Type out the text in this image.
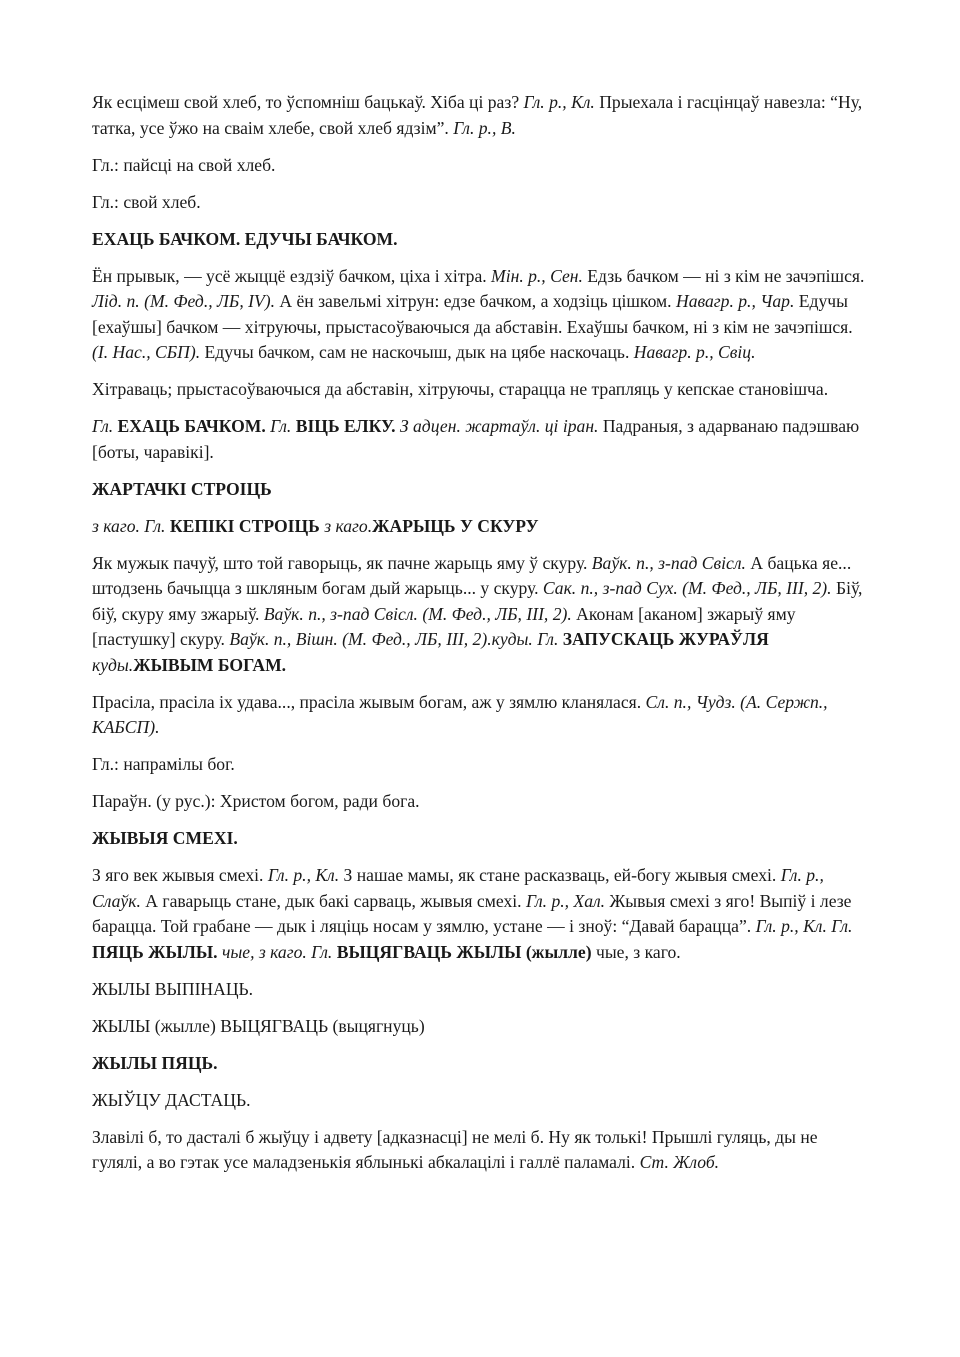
Як есцімеш свой хлеб, то ўспомніш бацькаў. Хіба ці раз? Гл. р., Кл. Прыехала і гасцінцаў навезла: “Ну, татка, усе ўжо на сваім хлебе, свой хлеб ядзім”. Гл. р., В.

Гл.: пайсці на свой хлеб.

Гл.: свой хлеб.

ЕХАЦЬ БАЧКОМ. ЕДУЧЫ БАЧКОМ.

Ён прывык, — усё жыццё ездзіў бачком, ціха і хітра. Мін. р., Сен. Едзь бачком — ні з кім не зачэпішся. Лід. п. (М. Фед., ЛБ, IV). А ён завельмі хітрун: едзе бачком, а ходзіць цішком. Навагр. р., Чар. Едучы [ехаўшы] бачком — хітруючы, прыстасоўваючыся да абставін. Ехаўшы бачком, ні з кім не зачэпішся. (І. Нас., СБП). Едучы бачком, сам не наскочыш, дык на цябе наскочаць. Навагр. р., Свіц.

Хітраваць; прыстасоўваючыся да абставін, хітруючы, старацца не трапляць у кепскае становішча.

Гл. ЕХАЦЬ БАЧКОМ. Гл. ВІЦЬ ЕЛКУ. З адцен. жартаўл. ці іран. Падраныя, з адарванаю падэшваю [боты, чаравікі].

ЖАРТАЧКІ СТРОІЦЬ

з каго. Гл. КЕПІКІ СТРОІЦЬ з каго.ЖАРЫЦЬ У СКУРУ

Як мужык пачуў, што той гаворыць, як пачне жарыць яму ў скуру. Ваўк. п., з-пад Свісл. А бацька яе... штодзень бачыцца з шкляным богам дый жарыць... у скуру. Сак. п., з-пад Сух. (М. Фед., ЛБ, ІІІ, 2). Біў, біў, скуру яму зжарыў. Ваўк. п., з-пад Свісл. (М. Фед., ЛБ, ІІІ, 2). Аконам [аканом] зжарыў яму [пастушку] скуру. Ваўк. п., Вішн. (М. Фед., ЛБ, ІІІ, 2).куды. Гл. ЗАПУСКАЦЬ ЖУРАЎЛЯ куды.ЖЫВЫМ БОГАМ.

Прасіла, прасіла іх удава..., прасіла жывым богам, аж у зямлю кланялася. Сл. п., Чудз. (А. Сержп., КАБСП).

Гл.: напрамілы бог.

Параўн. (у рус.): Христом богом, ради бога.

ЖЫВЫЯ СМЕХІ.

З яго век жывыя смехі. Гл. р., Кл. З нашае мамы, як стане расказваць, ей-богу жывыя смехі. Гл. р., Слаўк. А гаварыць стане, дык бакі сарваць, жывыя смехі. Гл. р., Хал. Жывыя смехі з яго! Выпіў і лезе барацца. Той грабане — дык і ляціць носам у зямлю, устане — і зноў: “Давай барацца”. Гл. р., Кл. Гл. ПЯЦЬ ЖЫЛЫ. чые, з каго. Гл. ВЫЦЯГВАЦЬ ЖЫЛЫ (жылле) чые, з каго.

ЖЫЛЫ ВЫПІНАЦЬ.

ЖЫЛЫ (жылле) ВЫЦЯГВАЦЬ (выцягнуць)

ЖЫЛЫ ПЯЦЬ.

ЖЫЎЦУ ДАСТАЦЬ.

Злавілі б, то дасталі б жыўцу і адвету [адказнасці] не мелі б. Ну як толькі! Прышлі гуляць, ды не гулялі, а во гэтак усе маладзенькія яблынькі абкалацілі і галлё паламалі. Ст. Жлоб.
